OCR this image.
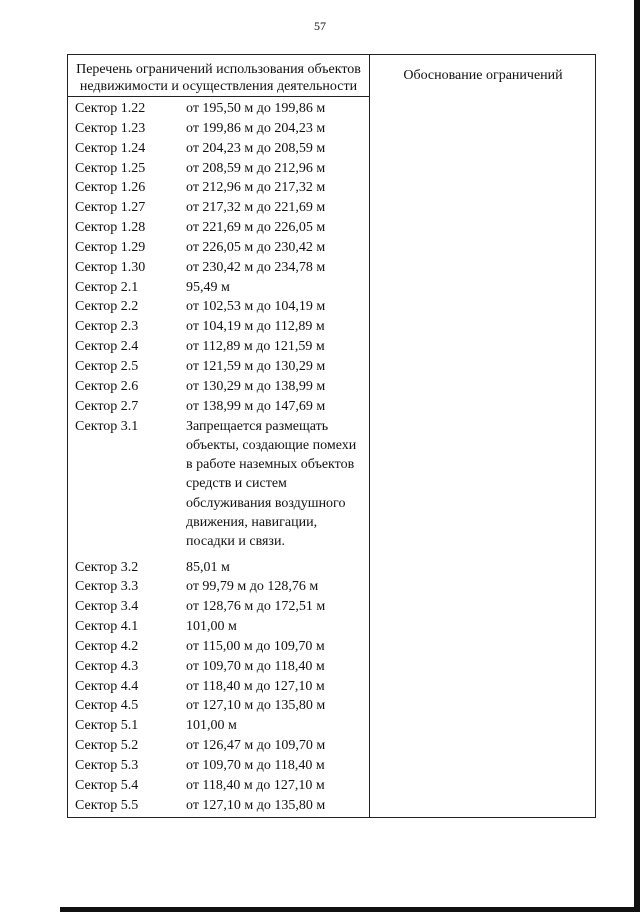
57
Перечень ограничений использования объектов недвижимости и осуществления деятельности
Обоснование ограничений
Сектор 1.22	от 195,50 м до 199,86 м
Сектор 1.23	от 199,86 м до 204,23 м
Сектор 1.24	от 204,23 м до 208,59 м
Сектор 1.25	от 208,59 м до 212,96 м
Сектор 1.26	от 212,96 м до 217,32 м
Сектор 1.27	от 217,32 м до 221,69 м
Сектор 1.28	от 221,69 м до 226,05 м
Сектор 1.29	от 226,05 м до 230,42 м
Сектор 1.30	от 230,42 м до 234,78 м
Сектор 2.1	95,49 м
Сектор 2.2	от 102,53 м до 104,19 м
Сектор 2.3	от 104,19 м до 112,89 м
Сектор 2.4	от 112,89 м до 121,59 м
Сектор 2.5	от 121,59 м до 130,29 м
Сектор 2.6	от 130,29 м до 138,99 м
Сектор 2.7	от 138,99 м до 147,69 м
Сектор 3.1	Запрещается размещать объекты, создающие помехи в работе наземных объектов средств и систем обслуживания воздушного движения, навигации, посадки и связи.
Сектор 3.2	85,01 м
Сектор 3.3	от 99,79 м до 128,76 м
Сектор 3.4	от 128,76 м до 172,51 м
Сектор 4.1	101,00 м
Сектор 4.2	от 115,00 м до 109,70 м
Сектор 4.3	от 109,70 м до 118,40 м
Сектор 4.4	от 118,40 м до 127,10 м
Сектор 4.5	от 127,10 м до 135,80 м
Сектор 5.1	101,00 м
Сектор 5.2	от 126,47 м до 109,70 м
Сектор 5.3	от 109,70 м до 118,40 м
Сектор 5.4	от 118,40 м до 127,10 м
Сектор 5.5	от 127,10 м до 135,80 м
